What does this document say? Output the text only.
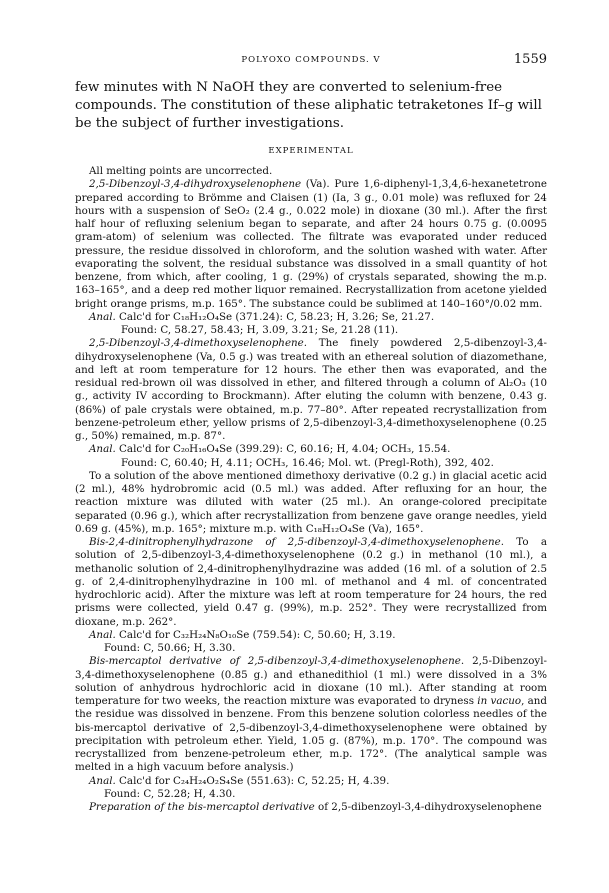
POLYOXO COMPOUNDS. V	1559

few minutes with N NaOH they are converted to selenium-free compounds. The constitution of these aliphatic tetraketones If–g will be the subject of further investigations.

EXPERIMENTAL

All melting points are uncorrected.

2,5-Dibenzoyl-3,4-dihydroxyselenophene (Va). Pure 1,6-diphenyl-1,3,4,6-hexanetetrone prepared according to Brömme and Claisen (1) (Ia, 3 g., 0.01 mole) was refluxed for 24 hours with a suspension of SeO₂ (2.4 g., 0.022 mole) in dioxane (30 ml.). After the first half hour of refluxing selenium began to separate, and after 24 hours 0.75 g. (0.0095 gram-atom) of selenium was collected. The filtrate was evaporated under reduced pressure, the residue dissolved in chloroform, and the solution washed with water. After evaporating the solvent, the residual substance was dissolved in a small quantity of hot benzene, from which, after cooling, 1 g. (29%) of crystals separated, showing the m.p. 163–165°, and a deep red mother liquor remained. Recrystallization from acetone yielded bright orange prisms, m.p. 165°. The substance could be sublimed at 140–160°/0.02 mm.

Anal. Calc'd for C₁₈H₁₂O₄Se (371.24): C, 58.23; H, 3.26; Se, 21.27.

Found: C, 58.27, 58.43; H, 3.09, 3.21; Se, 21.28 (11).

2,5-Dibenzoyl-3,4-dimethoxyselenophene. The finely powdered 2,5-dibenzoyl-3,4-dihydroxyselenophene (Va, 0.5 g.) was treated with an ethereal solution of diazomethane, and left at room temperature for 12 hours. The ether then was evaporated, and the residual red-brown oil was dissolved in ether, and filtered through a column of Al₂O₃ (10 g., activity IV according to Brockmann). After eluting the column with benzene, 0.43 g. (86%) of pale crystals were obtained, m.p. 77–80°. After repeated recrystallization from benzene-petroleum ether, yellow prisms of 2,5-dibenzoyl-3,4-dimethoxyselenophene (0.25 g., 50%) remained, m.p. 87°.

Anal. Calc'd for C₂₀H₁₆O₄Se (399.29): C, 60.16; H, 4.04; OCH₃, 15.54.

Found: C, 60.40; H, 4.11; OCH₃, 16.46; Mol. wt. (Pregl-Roth), 392, 402.

To a solution of the above mentioned dimethoxy derivative (0.2 g.) in glacial acetic acid (2 ml.), 48% hydrobromic acid (0.5 ml.) was added. After refluxing for an hour, the reaction mixture was diluted with water (25 ml.). An orange-colored precipitate separated (0.96 g.), which after recrystallization from benzene gave orange needles, yield 0.69 g. (45%), m.p. 165°; mixture m.p. with C₁₈H₁₂O₄Se (Va), 165°.

Bis-2,4-dinitrophenylhydrazone of 2,5-dibenzoyl-3,4-dimethoxyselenophene. To a solution of 2,5-dibenzoyl-3,4-dimethoxyselenophene (0.2 g.) in methanol (10 ml.), a methanolic solution of 2,4-dinitrophenylhydrazine was added (16 ml. of a solution of 2.5 g. of 2,4-dinitrophenylhydrazine in 100 ml. of methanol and 4 ml. of concentrated hydrochloric acid). After the mixture was left at room temperature for 24 hours, the red prisms were collected, yield 0.47 g. (99%), m.p. 252°. They were recrystallized from dioxane, m.p. 262°.

Anal. Calc'd for C₃₂H₂₄N₈O₁₀Se (759.54): C, 50.60; H, 3.19.

Found: C, 50.66; H, 3.30.

Bis-mercaptol derivative of 2,5-dibenzoyl-3,4-dimethoxyselenophene. 2,5-Dibenzoyl-3,4-dimethoxyselenophene (0.85 g.) and ethanedithiol (1 ml.) were dissolved in a 3% solution of anhydrous hydrochloric acid in dioxane (10 ml.). After standing at room temperature for two weeks, the reaction mixture was evaporated to dryness in vacuo, and the residue was dissolved in benzene. From this benzene solution colorless needles of the bis-mercaptol derivative of 2,5-dibenzoyl-3,4-dimethoxyselenophene were obtained by precipitation with petroleum ether. Yield, 1.05 g. (87%), m.p. 170°. The compound was recrystallized from benzene-petroleum ether, m.p. 172°. (The analytical sample was melted in a high vacuum before analysis.)

Anal. Calc'd for C₂₄H₂₄O₂S₄Se (551.63): C, 52.25; H, 4.39.

Found: C, 52.28; H, 4.30.

Preparation of the bis-mercaptol derivative of 2,5-dibenzoyl-3,4-dihydroxyselenophene
